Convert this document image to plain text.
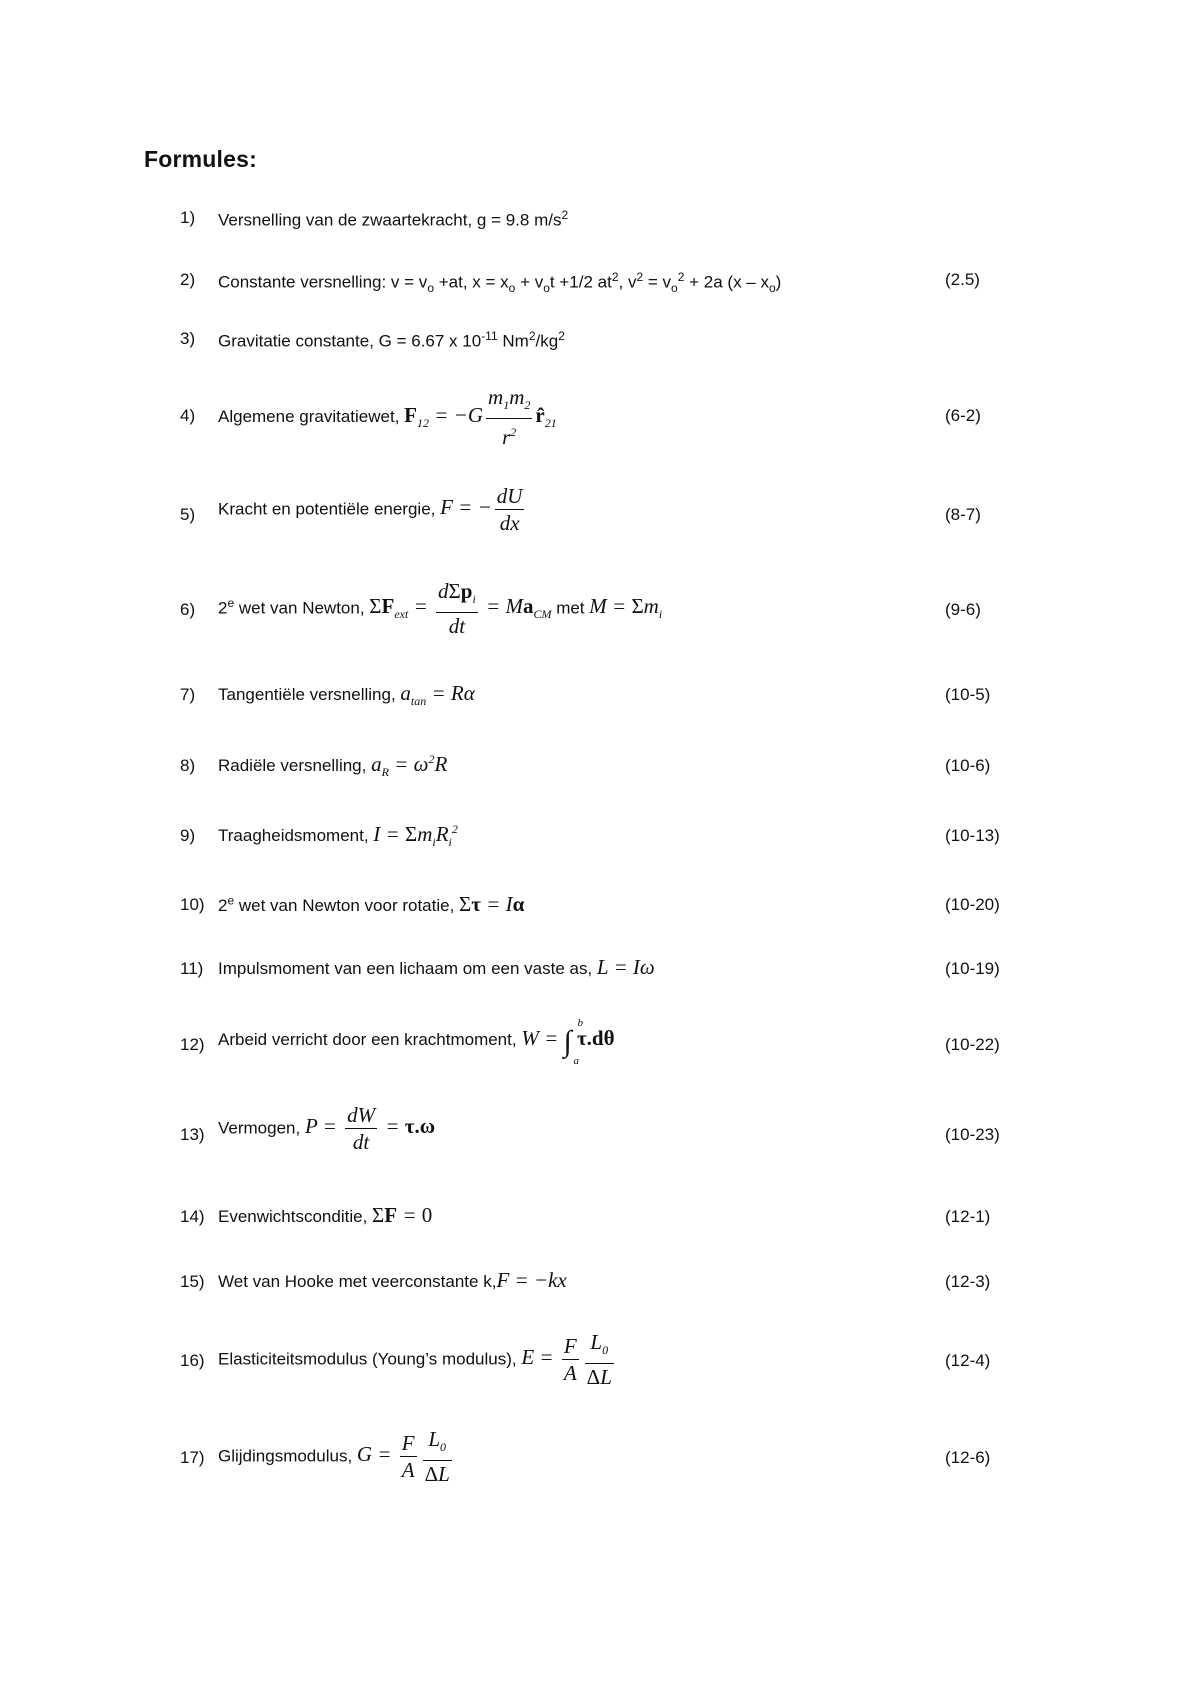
Formules:
1) Versnelling van de zwaartekracht, g = 9.8 $m/s^2$
2) Constante versnelling: $v = v_o +at$, $x = x_o + v_ot +1/2$ $at^2$, $v^2 = v_o^2 + 2a$ $(x - x_o)$	(2.5)
3) Gravitatie constante, G = 6.67 x $10^{-11}$ $Nm^2/kg^2$
4) Algemene gravitatiewet, $F_{12} = -G \frac{m_1m_2}{r^2}$ $r̂_{21}$	(6-2)
5) Kracht en potentiële energie, F = − $\frac{dU}{dx}$	(8-7)
6) 2e wet van Newton, $\Sigma F_{ext} = \frac{d\Sigma p_i}{dt} = Ma_{CM}$ met $M = \Sigma m_i$	(9-6)
7) Tangentiële versnelling, $a_{tan} = R\alpha$	(10-5)
8) Radiële versnelling, $a_R = \omega^2R$	(10-6)
9) Traagheidsmoment, $I = \Sigma m_iR_i^2$	(10-13)
10) 2e wet van Newton voor rotatie, Στ = Iα	(10-20)
11) Impulsmoment van een lichaam om een vaste as, L = Iω	(10-19)
12) Arbeid verricht door een krachtmoment, W = ∫
b
a
τ.dθ	(10-22)
13) Vermogen, $P = \frac{dW}{dt} = \tau.\omega$	(10-23)
14) Evenwichtsconditie, ΣF = 0	(12-1)
15) Wet van Hooke met veerconstante k,F = −kx	(12-3)
16) Elasticiteitsmodulus (Young’s modulus), $E = \frac{F}{A} \frac{L_0}{\Delta L}$	(12-4)
17) Glijdingsmodulus, $G = \frac{F}{A} \frac{L_0}{\Delta L}$	(12-6)
